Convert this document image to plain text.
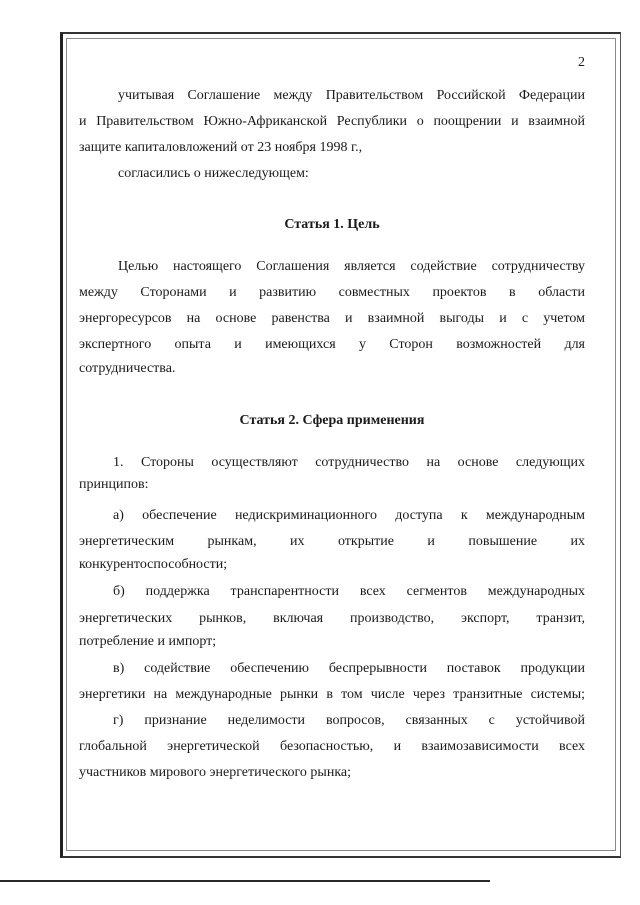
2
учитывая Соглашение между Правительством Российской Федерации
и Правительством Южно-Африканской Республики о поощрении и взаимной
защите капиталовложений от 23 ноября 1998 г.,
согласились о нижеследующем:
Статья 1. Цель
Целью настоящего Соглашения является содействие сотрудничеству
между Сторонами и развитию совместных проектов в области
энергоресурсов на основе равенства и взаимной выгоды и с учетом
экспертного опыта и имеющихся у Сторон возможностей для
сотрудничества.
Статья 2. Сфера применения
1. Стороны осуществляют сотрудничество на основе следующих
принципов:
а) обеспечение недискриминационного доступа к международным
энергетическим рынкам, их открытие и повышение их
конкурентоспособности;
б) поддержка транспарентности всех сегментов международных
энергетических рынков, включая производство, экспорт, транзит,
потребление и импорт;
в) содействие обеспечению беспрерывности поставок продукции
энергетики на международные рынки в том числе через транзитные системы;
г) признание неделимости вопросов, связанных с устойчивой
глобальной энергетической безопасностью, и взаимозависимости всех
участников мирового энергетического рынка;
